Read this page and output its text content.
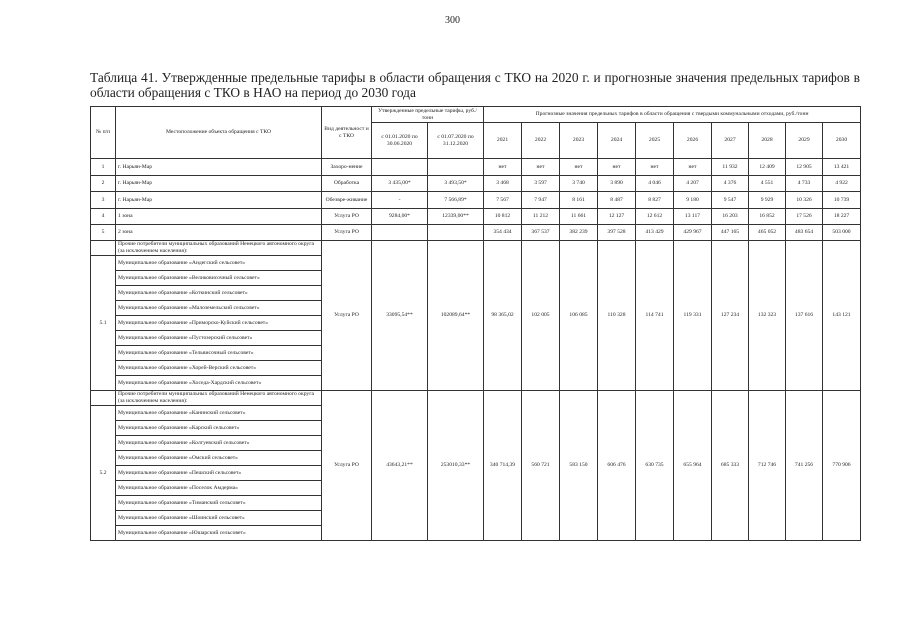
300
Таблица 41. Утвержденные предельные тарифы в области обращения с ТКО на 2020 г. и прогнозные значения предельных тарифов в области обращения с ТКО в НАО на период до 2030 года
№ п/п	Местоположение объекта обращения с ТКО	Вид деятельност и с ТКО	Утвержденные предельные тарифы, руб./тонн		Прогнозные значения предельных тарифов в области обращения с твердыми коммунальными отходами, руб./тонн									
			с 01.01.2020 по 30.06.2020	с 01.07.2020 по 31.12.2020	2021	2022	2023	2024	2025	2026	2027	2028	2029	2030
1	г. Нарьян-Мар	Захоро-нение			нет	нет	нет	нет	нет	нет	11 932	12 409	12 905	13 421
2	г. Нарьян-Мар	Обработка	3 435,00*	3 493,50*	3 468	3 597	3 740	3 890	4 046	4 207	4 376	4 551	4 733	4 922
3	г. Нарьян-Мар	Обезвре-живание	-	7 566,89*	7 567	7 947	8 161	8 487	8 827	9 180	9 547	9 929	10 326	10 739
4	1 зона	Услуга РО	9284,00*	12339,00**	10 812	11 212	11 661	12 127	12 612	13 117	16 203	16 852	17 526	18 227
5	2 зона	Услуга РО			354 434	367 537	382 239	397 528	413 429	429 967	447 165	465 052	483 654	503 000
	Прочие потребители муниципальных образований Ненецкого автономного округа (за исключением населения):	Услуга РО	33095,54**	102089,64**	98 365,02	102 005	106 085	110 328	114 741	119 331	127 234	132 323	137 616	143 121
5.1	Муниципальное образование «Андегский сельсовет»													
	Муниципальное образование «Великовисочный сельсовет»													
	Муниципальное образование «Коткинский сельсовет»													
	Муниципальное образование «Малоземельский сельсовет»													
	Муниципальное образование «Приморско-Куйский сельсовет»													
	Муниципальное образование «Пустозерский сельсовет»													
	Муниципальное образование «Тельвисочный сельсовет»													
	Муниципальное образование «Хорей-Верский сельсовет»													
	Муниципальное образование «Хоседа-Хардский сельсовет»													
	Прочие потребители муниципальных образований Ненецкого автономного округа (за исключением населения):	Услуга РО	43643,21**	253010,33**	340 714,39	560 721	583 150	606 476	630 735	655 964	685 333	712 746	741 256	770 906
5.2	Муниципальное образование «Канинский сельсовет»													
	Муниципальное образование «Карский сельсовет»													
	Муниципальное образование «Колгуевский сельсовет»													
	Муниципальное образование «Омский сельсовет»													
	Муниципальное образование «Пешский сельсовет»													
	Муниципальное образование «Поселок Амдерма»													
	Муниципальное образование «Тиманский сельсовет»													
	Муниципальное образование «Шоинский сельсовет»													
	Муниципальное образование «Юшарский сельсовет»													
